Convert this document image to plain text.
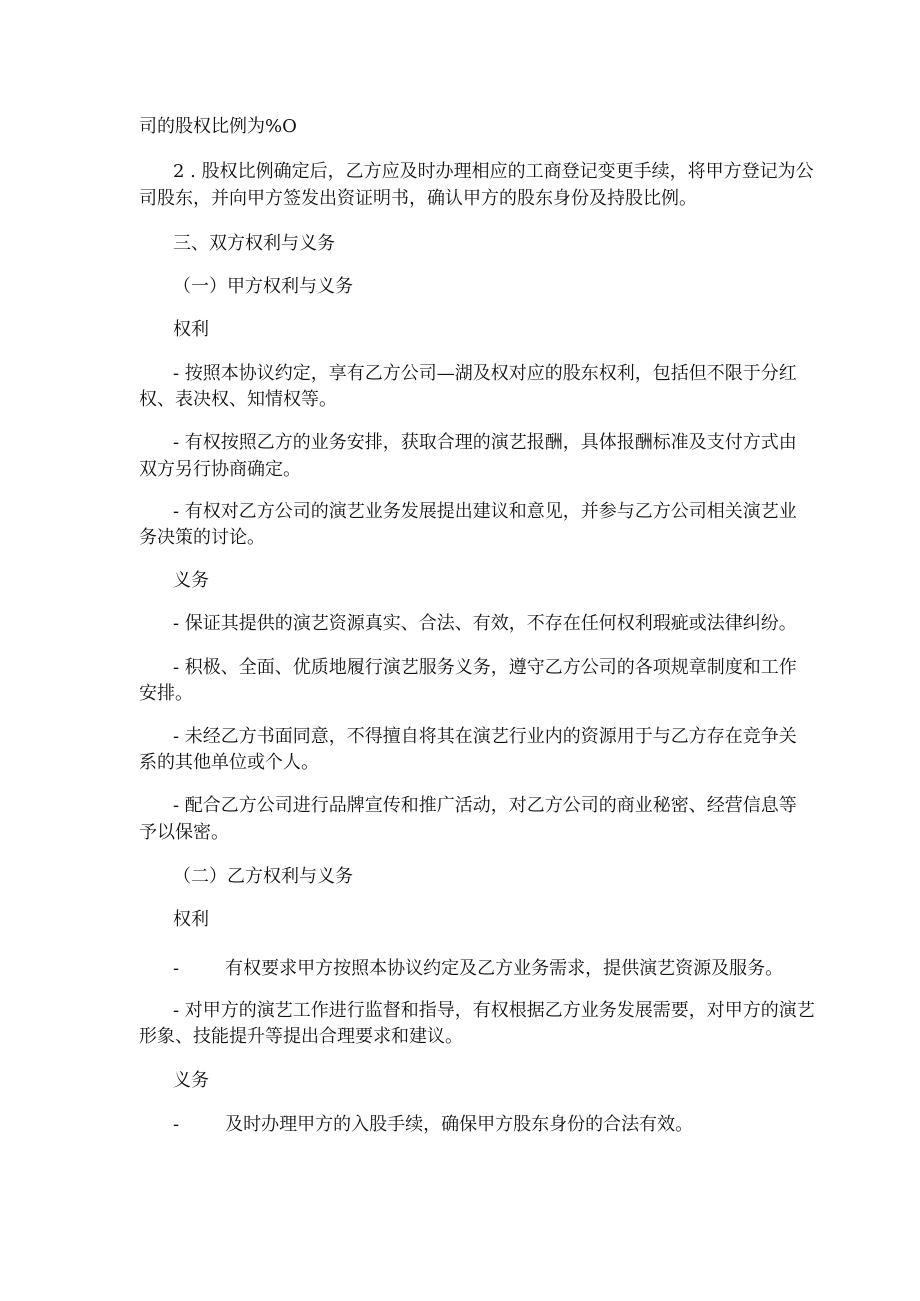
司的股权比例为%O

2 . 股权比例确定后，乙方应及时办理相应的工商登记变更手续，将甲方登记为公

司股东，并向甲方签发出资证明书，确认甲方的股东身份及持股比例。

三、双方权利与义务

（一）甲方权利与义务

权利

- 按照本协议约定，享有乙方公司—湖及权对应的股东权利，包括但不限于分红

权、表决权、知情权等。

- 有权按照乙方的业务安排，获取合理的演艺报酬，具体报酬标准及支付方式由

双方另行协商确定。

- 有权对乙方公司的演艺业务发展提出建议和意见，并参与乙方公司相关演艺业

务决策的讨论。

义务

- 保证其提供的演艺资源真实、合法、有效，不存在任何权利瑕疵或法律纠纷。

- 积极、全面、优质地履行演艺服务义务，遵守乙方公司的各项规章制度和工作

安排。

- 未经乙方书面同意，不得擅自将其在演艺行业内的资源用于与乙方存在竞争关

系的其他单位或个人。

- 配合乙方公司进行品牌宣传和推广活动，对乙方公司的商业秘密、经营信息等

予以保密。

（二）乙方权利与义务

权利

-	有权要求甲方按照本协议约定及乙方业务需求，提供演艺资源及服务。

- 对甲方的演艺工作进行监督和指导，有权根据乙方业务发展需要，对甲方的演艺

形象、技能提升等提出合理要求和建议。

义务

-	及时办理甲方的入股手续，确保甲方股东身份的合法有效。
